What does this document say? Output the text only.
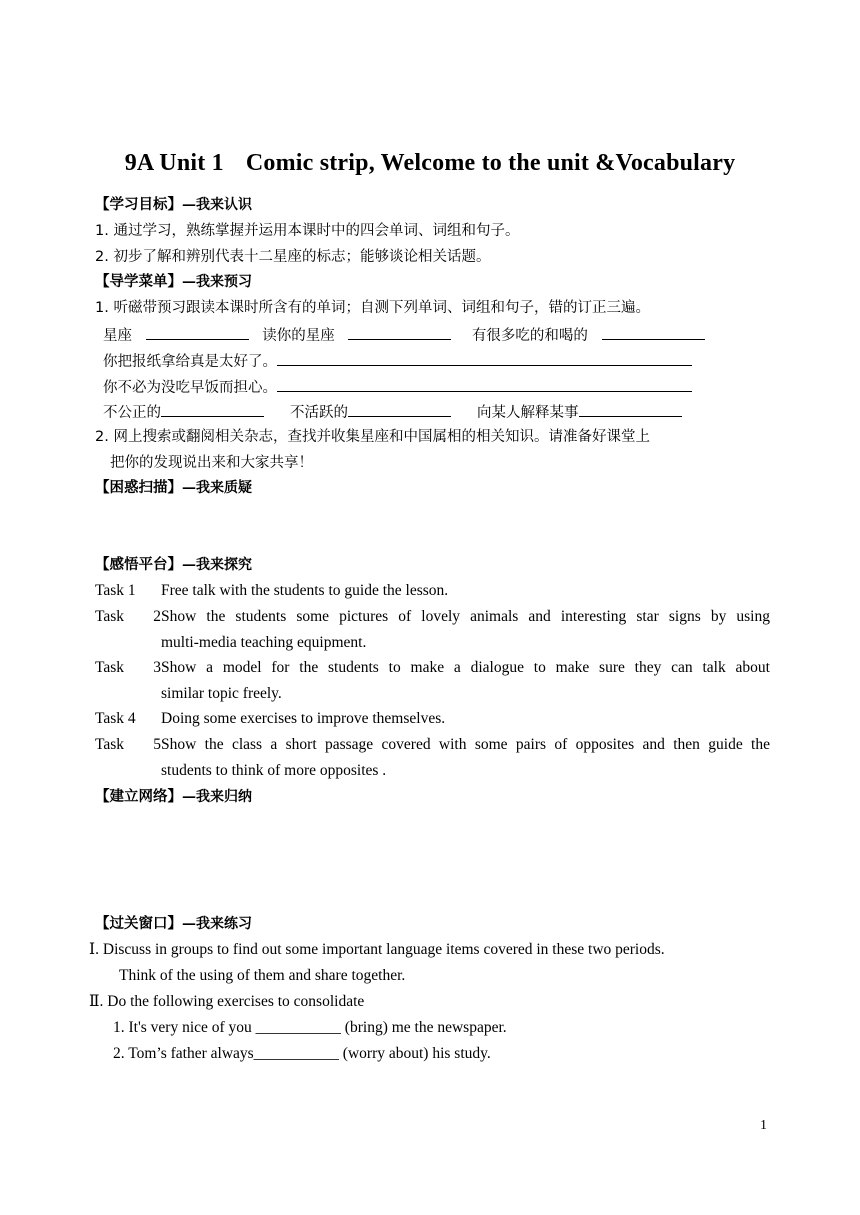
9A Unit 1 Comic strip, Welcome to the unit &Vocabulary
【学习目标】—我来认识
1. 通过学习，熟练掌握并运用本课时中的四会单词、词组和句子。
2. 初步了解和辨别代表十二星座的标志；能够谈论相关话题。
【导学菜单】—我来预习
1. 听磁带预习跟读本课时所含有的单词；自测下列单词、词组和句子，错的订正三遍。
星座	读你的星座	有很多吃的和喝的
你把报纸拿给真是太好了。
你不必为没吃早饭而担心。
不公正的	不活跃的	向某人解释某事
2. 网上搜索或翻阅相关杂志，查找并收集星座和中国属相的相关知识。请准备好课堂上
把你的发现说出来和大家共享！
【困惑扫描】—我来质疑
【感悟平台】—我来探究
Task 1 Free talk with the students to guide the lesson.
Task 2Show the students some pictures of lovely animals and interesting star signs by using
multi-media teaching equipment.
Task 3Show a model for the students to make a dialogue to make sure they can talk about
similar topic freely.
Task 4 Doing some exercises to improve themselves.
Task 5Show the class a short passage covered with some pairs of opposites and then guide the
students to think of more opposites .
【建立网络】—我来归纳
【过关窗口】—我来练习
Ⅰ. Discuss in groups to find out some important language items covered in these two periods.
Think of the using of them and share together.
Ⅱ. Do the following exercises to consolidate
1. It's very nice of you ___________ (bring) me the newspaper.
2. Tom’s father always___________ (worry about) his study.
1
